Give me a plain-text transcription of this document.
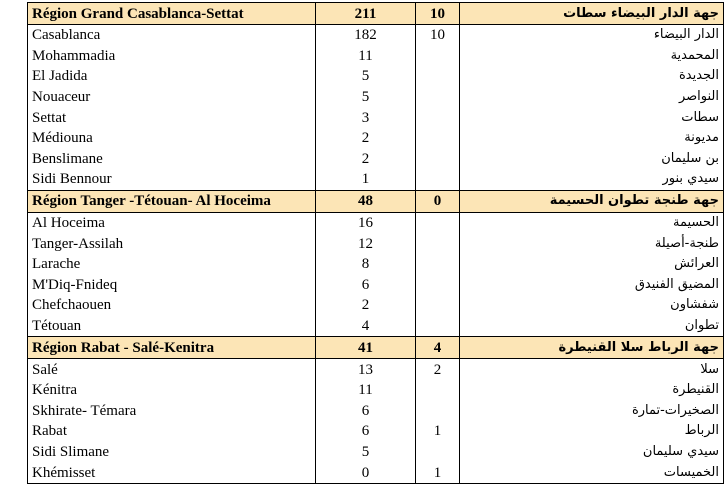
Région Grand Casablanca-Settat	211	10	جهة الدار البيضاء سطات
Casablanca	182	10	الدار البيضاء
Mohammadia	11		المحمدية
El Jadida	5		الجديدة
Nouaceur	5		النواصر
Settat	3		سطات
Médiouna	2		مديونة
Benslimane	2		بن سليمان
Sidi Bennour	1		سيدي بنور
Région Tanger -Tétouan- Al Hoceima	48	0	جهة طنجة تطوان الحسيمة
Al Hoceima	16		الحسيمة
Tanger-Assilah	12		طنجة-أصيلة
Larache	8		العرائش
M'Diq-Fnideq	6		المضيق الفنيدق
Chefchaouen	2		شفشاون
Tétouan	4		تطوان
Région Rabat - Salé-Kenitra	41	4	جهة الرباط سلا القنيطرة
Salé	13	2	سلا
Kénitra	11		القنيطرة
Skhirate- Témara	6		الصخيرات-تمارة
Rabat	6	1	الرباط
Sidi Slimane	5		سيدي سليمان
Khémisset	0	1	الخميسات
